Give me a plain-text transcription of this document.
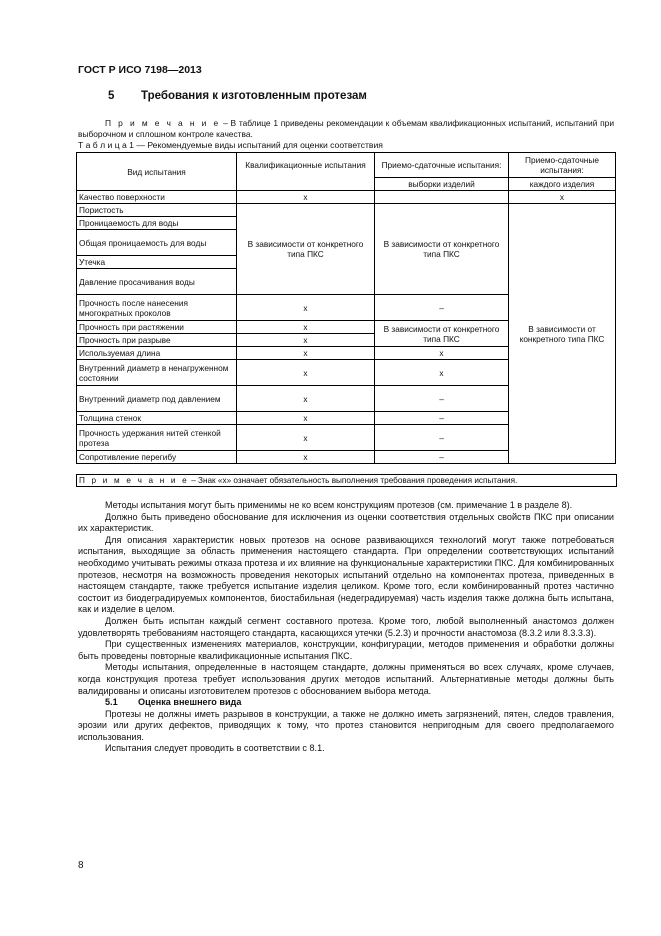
ГОСТ Р ИСО 7198—2013
5 Требования к изготовленным протезам
П р и м е ч а н и е – В таблице 1 приведены рекомендации к объемам квалификационных испытаний, испытаний при выборочном и сплошном контроле качества.
Т а б л и ц а 1 — Рекомендуемые виды испытаний для оценки соответствия
Вид испытания	Квалификационные испытания	Приемо-сдаточные испытания:	Приемо-сдаточные испытания:
		выборки изделий	каждого изделия
Качество поверхности	x		x
Пористость	В зависимости от конкретного типа ПКС	В зависимости от конкретного типа ПКС	В зависимости от конкретного типа ПКС
Проницаемость для воды			
Общая проницаемость для воды			
Утечка			
Давление просачивания воды			
Прочность после нанесения многократных проколов	x	–	
Прочность при растяжении	x	В зависимости от конкретного типа ПКС	
Прочность при разрыве	x		
Используемая длина	x	x	
Внутренний диаметр в ненагруженном состоянии	x	x	
Внутренний диаметр под давлением	x	–	
Толщина стенок	x	–	
Прочность удержания нитей стенкой протеза	x	–	
Сопротивление перегибу	x	–	
П р и м е ч а н и е – Знак «х» означает обязательность выполнения требования проведения испытания.

Методы испытания могут быть применимы не ко всем конструкциям протезов (см. примечание 1 в разделе 8).

Должно быть приведено обоснование для исключения из оценки соответствия отдельных свойств ПКС при описании их характеристик.

Для описания характеристик новых протезов на основе развивающихся технологий могут также потребоваться испытания, выходящие за область применения настоящего стандарта. При определении соответствующих испытаний необходимо учитывать режимы отказа протеза и их влияние на функциональные характеристики ПКС. Для комбинированных протезов, несмотря на возможность проведения некоторых испытаний отдельно на компонентах протеза, приведенных в настоящем стандарте, также требуется испытание изделия целиком. Кроме того, если комбинированный протез частично состоит из биодеградируемых компонентов, биостабильная (недеградируемая) часть изделия также должна быть испытана, как и изделие в целом.

Должен быть испытан каждый сегмент составного протеза. Кроме того, любой выполненный анастомоз должен удовлетворять требованиям настоящего стандарта, касающихся утечки (5.2.3) и прочности анастомоза (8.3.2 или 8.3.3.3).

При существенных изменениях материалов, конструкции, конфигурации, методов применения и обработки должны быть проведены повторные квалификационные испытания ПКС.

Методы испытания, определенные в настоящем стандарте, должны применяться во всех случаях, кроме случаев, когда конструкция протеза требует использования других методов испытаний. Альтернативные методы должны быть валидированы и описаны изготовителем протезов с обоснованием выбора метода.

5.1 Оценка внешнего вида

Протезы не должны иметь разрывов в конструкции, а также не должно иметь загрязнений, пятен, следов травления, эрозии или других дефектов, приводящих к тому, что протез становится непригодным для своего предполагаемого использования.

Испытания следует проводить в соответствии с 8.1.

8
